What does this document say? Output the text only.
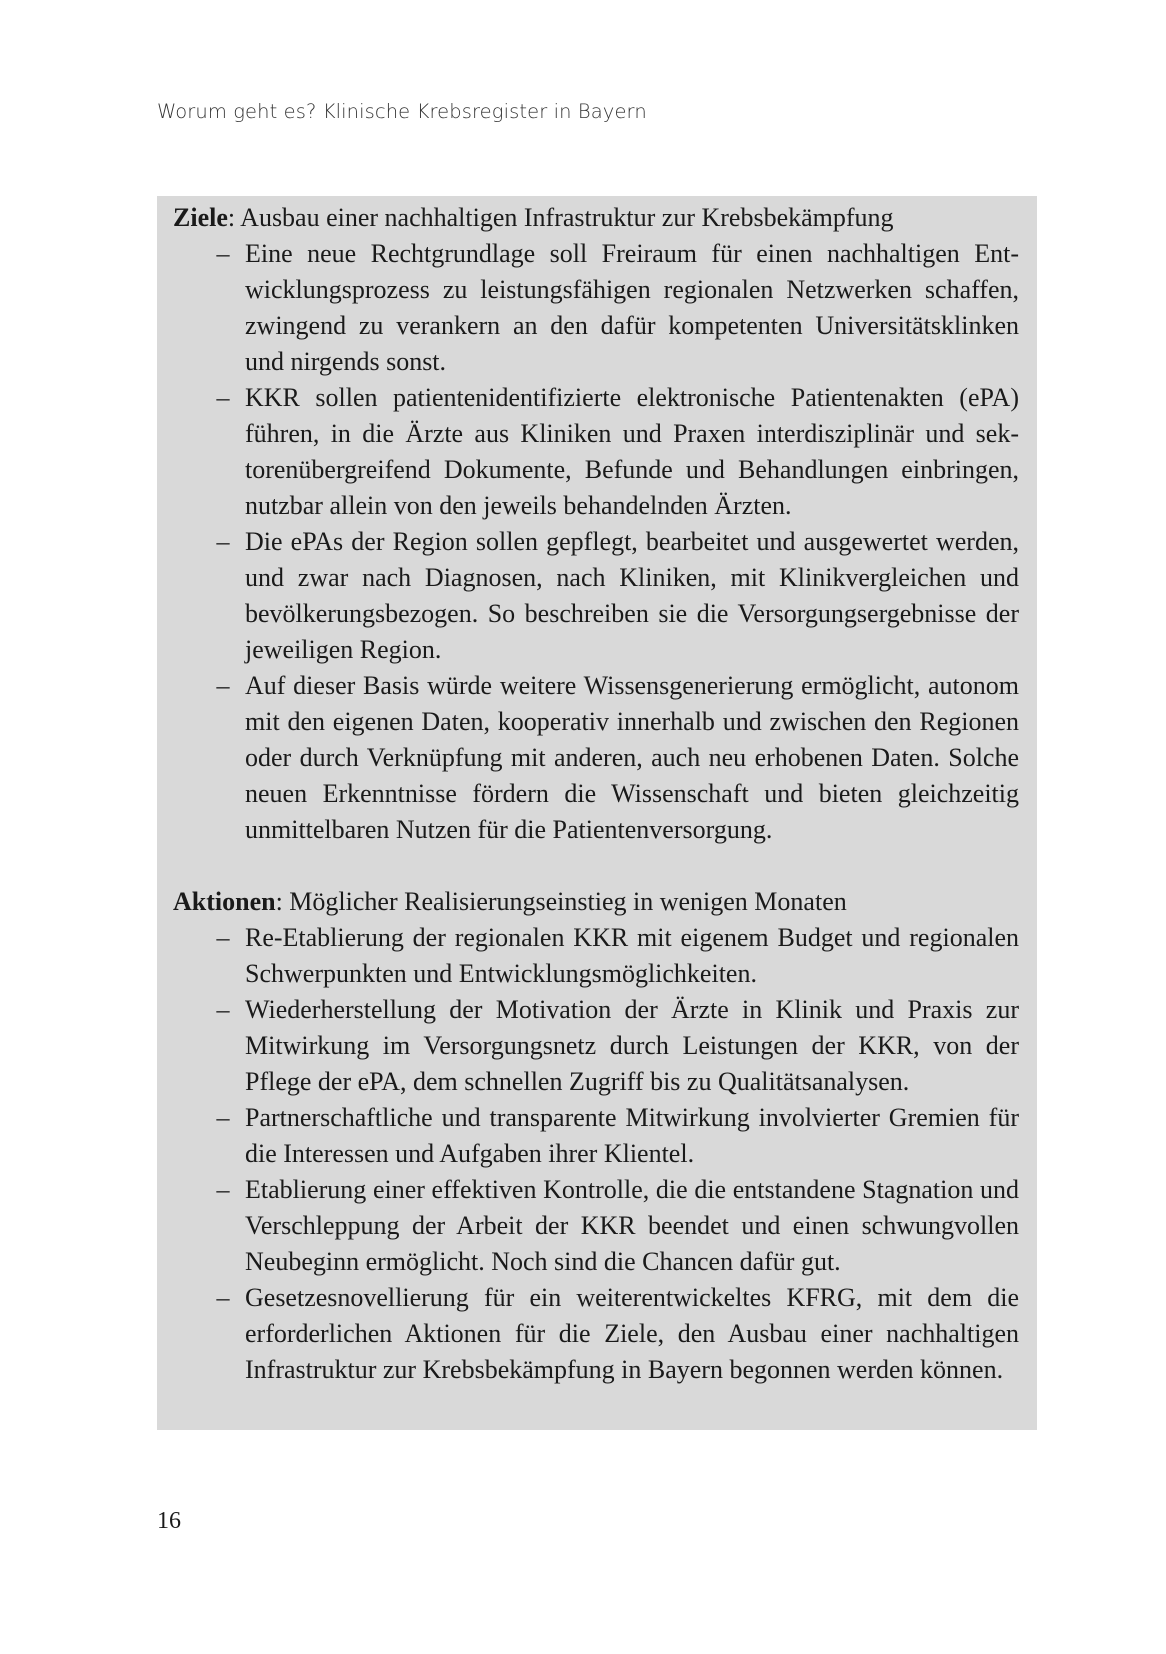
Worum geht es? Klinische Krebsregister in Bayern

Ziele: Ausbau einer nachhaltigen Infrastruktur zur Krebsbekämpfung

– Eine neue Rechtgrundlage soll Freiraum für einen nachhaltigen Entwicklungsprozess zu leistungsfähigen regionalen Netzwerken schaffen, zwingend zu verankern an den dafür kompetenten Universitätsklinken und nirgends sonst.
– KKR sollen patientenidentifizierte elektronische Patientenakten (ePA) führen, in die Ärzte aus Kliniken und Praxen interdisziplinär und sektorenübergreifend Dokumente, Befunde und Behandlungen einbringen, nutzbar allein von den jeweils behandelnden Ärzten.
– Die ePAs der Region sollen gepflegt, bearbeitet und ausgewertet werden, und zwar nach Diagnosen, nach Kliniken, mit Klinikvergleichen und bevölkerungsbezogen. So beschreiben sie die Versorgungsergebnisse der jeweiligen Region.
– Auf dieser Basis würde weitere Wissensgenerierung ermöglicht, autonom mit den eigenen Daten, kooperativ innerhalb und zwischen den Regionen oder durch Verknüpfung mit anderen, auch neu erhobenen Daten. Solche neuen Erkenntnisse fördern die Wissenschaft und bieten gleichzeitig unmittelbaren Nutzen für die Patientenversorgung.

Aktionen: Möglicher Realisierungseinstieg in wenigen Monaten

– Re-Etablierung der regionalen KKR mit eigenem Budget und regionalen Schwerpunkten und Entwicklungsmöglichkeiten.
– Wiederherstellung der Motivation der Ärzte in Klinik und Praxis zur Mitwirkung im Versorgungsnetz durch Leistungen der KKR, von der Pflege der ePA, dem schnellen Zugriff bis zu Qualitätsanalysen.
– Partnerschaftliche und transparente Mitwirkung involvierter Gremien für die Interessen und Aufgaben ihrer Klientel.
– Etablierung einer effektiven Kontrolle, die die entstandene Stagnation und Verschleppung der Arbeit der KKR beendet und einen schwungvollen Neubeginn ermöglicht. Noch sind die Chancen dafür gut.
– Gesetzesnovellierung für ein weiterentwickeltes KFRG, mit dem die erforderlichen Aktionen für die Ziele, den Ausbau einer nachhaltigen Infrastruktur zur Krebsbekämpfung in Bayern begonnen werden können.
16
